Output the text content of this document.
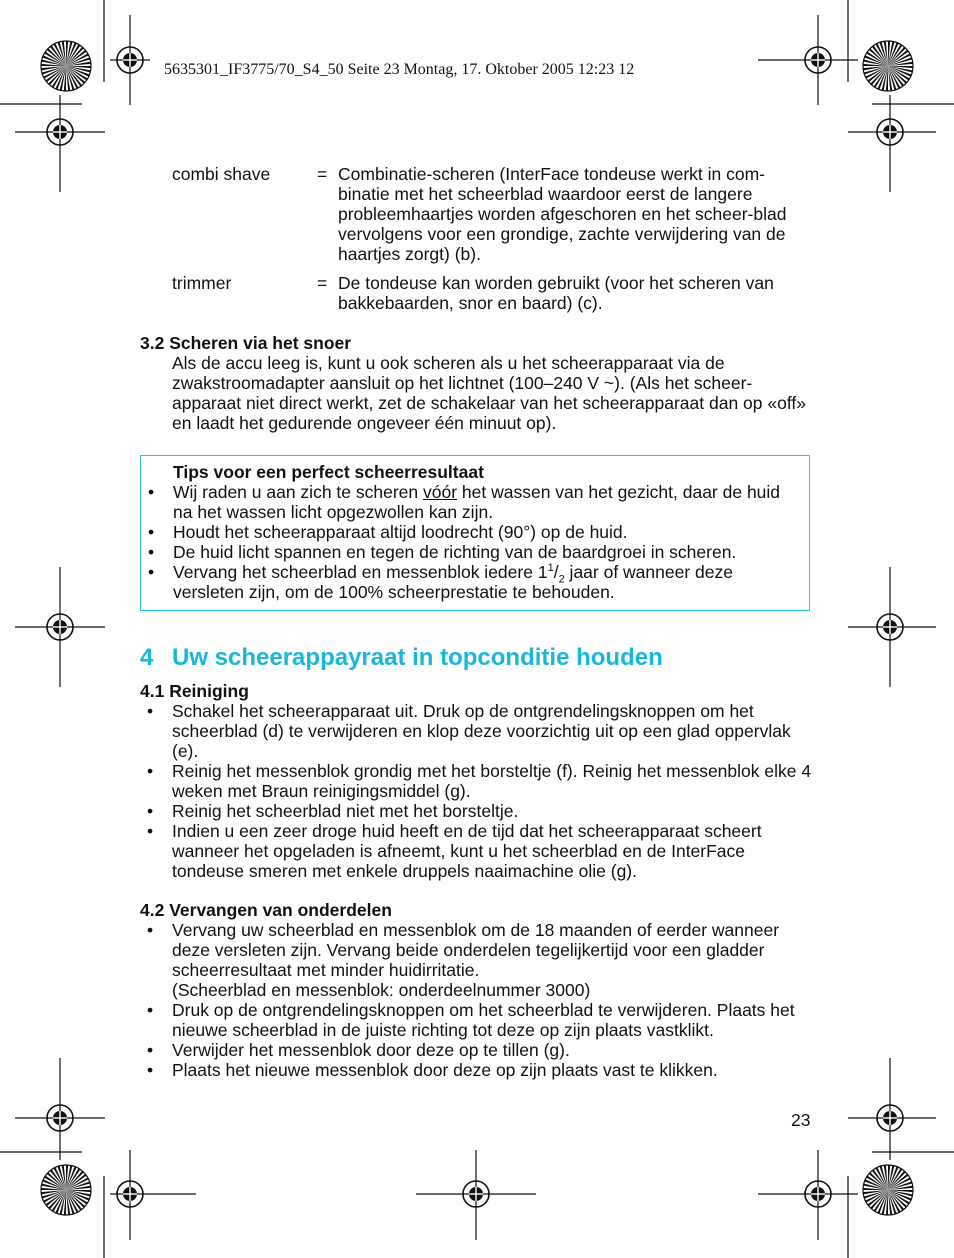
5635301_IF3775/70_S4_50 Seite 23 Montag, 17. Oktober 2005 12:23 12
combi shave	= Combinatie-scheren (InterFace tondeuse werkt in com-binatie met het scheerblad waardoor eerst de langere probleemhaartjes worden afgeschoren en het scheer-blad vervolgens voor een grondige, zachte verwijdering van de haartjes zorgt) (b).
trimmer	= De tondeuse kan worden gebruikt (voor het scheren van bakkebaarden, snor en baard) (c).
3.2 Scheren via het snoer
Als de accu leeg is, kunt u ook scheren als u het scheerapparaat via de zwakstroomadapter aansluit op het lichtnet (100–240 V ~). (Als het scheer-apparaat niet direct werkt, zet de schakelaar van het scheerapparaat dan op «off» en laadt het gedurende ongeveer één minuut op).
Tips voor een perfect scheerresultaat
• Wij raden u aan zich te scheren vóór het wassen van het gezicht, daar de huid na het wassen licht opgezwollen kan zijn.
• Houdt het scheerapparaat altijd loodrecht (90°) op de huid.
• De huid licht spannen en tegen de richting van de baardgroei in scheren.
• Vervang het scheerblad en messenblok iedere $1^1/_2$ jaar of wanneer deze versleten zijn, om de 100% scheerprestatie te behouden.
4 Uw scheerappayraat in topconditie houden
4.1 Reiniging
• Schakel het scheerapparaat uit. Druk op de ontgrendelingsknoppen om het scheerblad (d) te verwijderen en klop deze voorzichtig uit op een glad oppervlak (e).
• Reinig het messenblok grondig met het borsteltje (f). Reinig het messenblok elke 4 weken met Braun reinigingsmiddel (g).
• Reinig het scheerblad niet met het borsteltje.
• Indien u een zeer droge huid heeft en de tijd dat het scheerapparaat scheert wanneer het opgeladen is afneemt, kunt u het scheerblad en de InterFace tondeuse smeren met enkele druppels naaimachine olie (g).
4.2 Vervangen van onderdelen
• Vervang uw scheerblad en messenblok om de 18 maanden of eerder wanneer deze versleten zijn. Vervang beide onderdelen tegelijkertijd voor een gladder scheerresultaat met minder huidirritatie.
(Scheerblad en messenblok: onderdeelnummer 3000)
• Druk op de ontgrendelingsknoppen om het scheerblad te verwijderen. Plaats het nieuwe scheerblad in de juiste richting tot deze op zijn plaats vastklikt.
• Verwijder het messenblok door deze op te tillen (g).
• Plaats het nieuwe messenblok door deze op zijn plaats vast te klikken.
23
